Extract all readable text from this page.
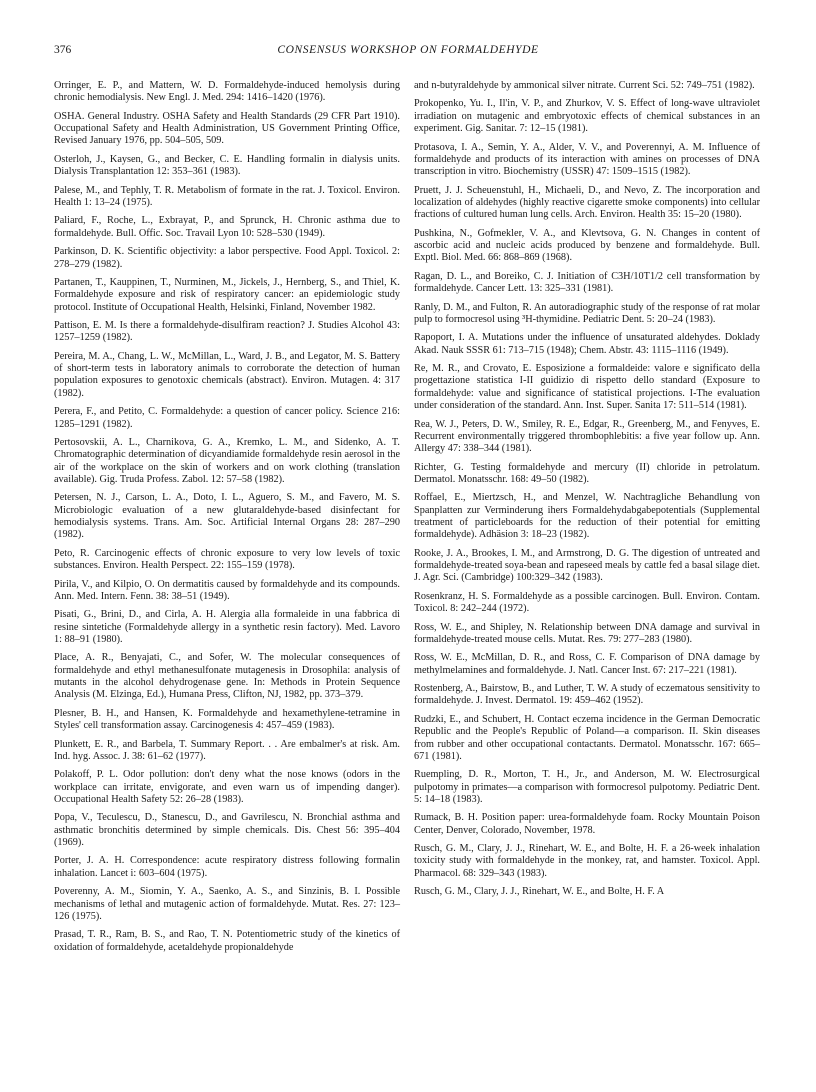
376	CONSENSUS WORKSHOP ON FORMALDEHYDE

Orringer, E. P., and Mattern, W. D. Formaldehyde-induced hemolysis during chronic hemodialysis. New Engl. J. Med. 294: 1416–1420 (1976).

OSHA. General Industry. OSHA Safety and Health Standards (29 CFR Part 1910). Occupational Safety and Health Administration, US Government Printing Office, Revised January 1976, pp. 504–505, 509.

Osterloh, J., Kaysen, G., and Becker, C. E. Handling formalin in dialysis units. Dialysis Transplantation 12: 353–361 (1983).

Palese, M., and Tephly, T. R. Metabolism of formate in the rat. J. Toxicol. Environ. Health 1: 13–24 (1975).

Paliard, F., Roche, L., Exbrayat, P., and Sprunck, H. Chronic asthma due to formaldehyde. Bull. Offic. Soc. Travail Lyon 10: 528–530 (1949).

Parkinson, D. K. Scientific objectivity: a labor perspective. Food Appl. Toxicol. 2: 278–279 (1982).

Partanen, T., Kauppinen, T., Nurminen, M., Jickels, J., Hernberg, S., and Thiel, K. Formaldehyde exposure and risk of respiratory cancer: an epidemiologic study protocol. Institute of Occupational Health, Helsinki, Finland, November 1982.

Pattison, E. M. Is there a formaldehyde-disulfiram reaction? J. Studies Alcohol 43: 1257–1259 (1982).

Pereira, M. A., Chang, L. W., McMillan, L., Ward, J. B., and Legator, M. S. Battery of short-term tests in laboratory animals to corroborate the detection of human population exposures to genotoxic chemicals (abstract). Environ. Mutagen. 4: 317 (1982).

Perera, F., and Petito, C. Formaldehyde: a question of cancer policy. Science 216: 1285–1291 (1982).

Pertosovskii, A. L., Charnikova, G. A., Kremko, L. M., and Sidenko, A. T. Chromatographic determination of dicyandiamide formaldehyde resin aerosol in the air of the workplace on the skin of workers and on work clothing (translation available). Gig. Truda Profess. Zabol. 12: 57–58 (1982).

Petersen, N. J., Carson, L. A., Doto, I. L., Aguero, S. M., and Favero, M. S. Microbiologic evaluation of a new glutaraldehyde-based disinfectant for hemodialysis systems. Trans. Am. Soc. Artificial Internal Organs 28: 287–290 (1982).

Peto, R. Carcinogenic effects of chronic exposure to very low levels of toxic substances. Environ. Health Perspect. 22: 155–159 (1978).

Pirila, V., and Kilpio, O. On dermatitis caused by formaldehyde and its compounds. Ann. Med. Intern. Fenn. 38: 38–51 (1949).

Pisati, G., Brini, D., and Cirla, A. H. Alergia alla formaleide in una fabbrica di resine sintetiche (Formaldehyde allergy in a synthetic resin factory). Med. Lavoro 1: 88–91 (1980).

Place, A. R., Benyajati, C., and Sofer, W. The molecular consequences of formaldehyde and ethyl methanesulfonate mutagenesis in Drosophila: analysis of mutants in the alcohol dehydrogenase gene. In: Methods in Protein Sequence Analysis (M. Elzinga, Ed.), Humana Press, Clifton, NJ, 1982, pp. 373–379.

Plesner, B. H., and Hansen, K. Formaldehyde and hexamethylene-tetramine in Styles' cell transformation assay. Carcinogenesis 4: 457–459 (1983).

Plunkett, E. R., and Barbela, T. Summary Report. . . Are embalmer's at risk. Am. Ind. hyg. Assoc. J. 38: 61–62 (1977).

Polakoff, P. L. Odor pollution: don't deny what the nose knows (odors in the workplace can irritate, envigorate, and even warn us of impending danger). Occupational Health Safety 52: 26–28 (1983).

Popa, V., Teculescu, D., Stanescu, D., and Gavrilescu, N. Bronchial asthma and asthmatic bronchitis determined by simple chemicals. Dis. Chest 56: 395–404 (1969).

Porter, J. A. H. Correspondence: acute respiratory distress following formalin inhalation. Lancet i: 603–604 (1975).

Poverenny, A. M., Siomin, Y. A., Saenko, A. S., and Sinzinis, B. I. Possible mechanisms of lethal and mutagenic action of formaldehyde. Mutat. Res. 27: 123–126 (1975).

Prasad, T. R., Ram, B. S., and Rao, T. N. Potentiometric study of the kinetics of oxidation of formaldehyde, acetaldehyde propionaldehyde

and n-butyraldehyde by ammonical silver nitrate. Current Sci. 52: 749–751 (1982).

Prokopenko, Yu. I., Il'in, V. P., and Zhurkov, V. S. Effect of long-wave ultraviolet irradiation on mutagenic and embryotoxic effects of chemical substances in an experiment. Gig. Sanitar. 7: 12–15 (1981).

Protasova, I. A., Semin, Y. A., Alder, V. V., and Poverennyi, A. M. Influence of formaldehyde and products of its interaction with amines on processes of DNA transcription in vitro. Biochemistry (USSR) 47: 1509–1515 (1982).

Pruett, J. J. Scheuenstuhl, H., Michaeli, D., and Nevo, Z. The incorporation and localization of aldehydes (highly reactive cigarette smoke components) into cellular fractions of cultured human lung cells. Arch. Environ. Health 35: 15–20 (1980).

Pushkina, N., Gofmekler, V. A., and Klevtsova, G. N. Changes in content of ascorbic acid and nucleic acids produced by benzene and formaldehyde. Bull. Exptl. Biol. Med. 66: 868–869 (1968).

Ragan, D. L., and Boreiko, C. J. Initiation of C3H/10T1/2 cell transformation by formaldehyde. Cancer Lett. 13: 325–331 (1981).

Ranly, D. M., and Fulton, R. An autoradiographic study of the response of rat molar pulp to formocresol using ³H-thymidine. Pediatric Dent. 5: 20–24 (1983).

Rapoport, I. A. Mutations under the influence of unsaturated aldehydes. Doklady Akad. Nauk SSSR 61: 713–715 (1948); Chem. Abstr. 43: 1115–1116 (1949).

Re, M. R., and Crovato, E. Esposizione a formaldeide: valore e significato della progettazione statistica I-II guidizio di rispetto dello standard (Exposure to formaldehyde: value and significance of statistical projections. I-The evaluation under consideration of the standard. Ann. Inst. Super. Sanita 17: 511–514 (1981).

Rea, W. J., Peters, D. W., Smiley, R. E., Edgar, R., Greenberg, M., and Fenyves, E. Recurrent environmentally triggered thrombophlebitis: a five year follow up. Ann. Allergy 47: 338–344 (1981).

Richter, G. Testing formaldehyde and mercury (II) chloride in petrolatum. Dermatol. Monatsschr. 168: 49–50 (1982).

Roffael, E., Miertzsch, H., and Menzel, W. Nachtragliche Behandlung von Spanplatten zur Verminderung ihers Formaldehydabgabepotentials (Supplemental treatment of particleboards for the reduction of their potential for emitting formaldehyde). Adhäsion 3: 18–23 (1982).

Rooke, J. A., Brookes, I. M., and Armstrong, D. G. The digestion of untreated and formaldehyde-treated soya-bean and rapeseed meals by cattle fed a basal silage diet. J. Agr. Sci. (Cambridge) 100:329–342 (1983).

Rosenkranz, H. S. Formaldehyde as a possible carcinogen. Bull. Environ. Contam. Toxicol. 8: 242–244 (1972).

Ross, W. E., and Shipley, N. Relationship between DNA damage and survival in formaldehyde-treated mouse cells. Mutat. Res. 79: 277–283 (1980).

Ross, W. E., McMillan, D. R., and Ross, C. F. Comparison of DNA damage by methylmelamines and formaldehyde. J. Natl. Cancer Inst. 67: 217–221 (1981).

Rostenberg, A., Bairstow, B., and Luther, T. W. A study of eczematous sensitivity to formaldehyde. J. Invest. Dermatol. 19: 459–462 (1952).

Rudzki, E., and Schubert, H. Contact eczema incidence in the German Democratic Republic and the People's Republic of Poland—a comparison. II. Skin diseases from rubber and other occupational contactants. Dermatol. Monatsschr. 167: 665–671 (1981).

Ruempling, D. R., Morton, T. H., Jr., and Anderson, M. W. Electrosurgical pulpotomy in primates—a comparison with formocresol pulpotomy. Pediatric Dent. 5: 14–18 (1983).

Rumack, B. H. Position paper: urea-formaldehyde foam. Rocky Mountain Poison Center, Denver, Colorado, November, 1978.

Rusch, G. M., Clary, J. J., Rinehart, W. E., and Bolte, H. F. a 26-week inhalation toxicity study with formaldehyde in the monkey, rat, and hamster. Toxicol. Appl. Pharmacol. 68: 329–343 (1983).

Rusch, G. M., Clary, J. J., Rinehart, W. E., and Bolte, H. F. A
